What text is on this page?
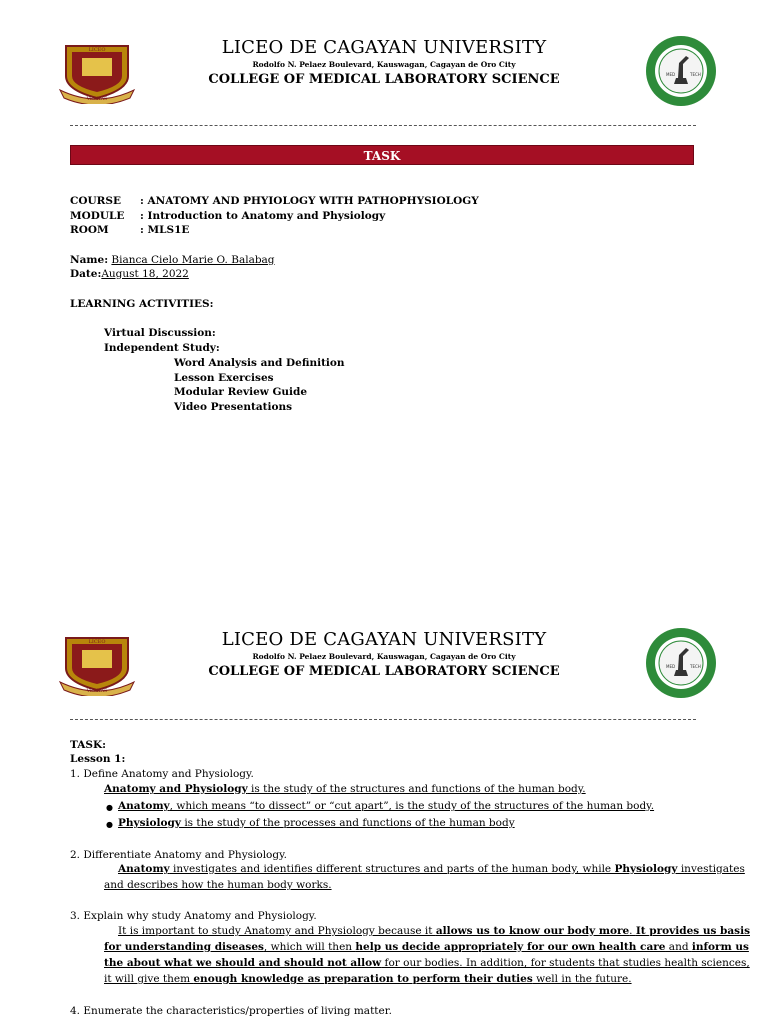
LICEO
VERITAS
LICEO DE CAGAYAN UNIVERSITY
Rodolfo N. Pelaez Boulevard, Kauswagan, Cagayan de Oro City
COLLEGE OF MEDICAL LABORATORY SCIENCE	MED	TECH
TASK
COURSE : ANATOMY AND PHYIOLOGY WITH PATHOPHYSIOLOGY
MODULE : Introduction to Anatomy and Physiology
ROOM	: MLS1E
Name: Bianca Cielo Marie O. Balabag
Date:August 18, 2022
LEARNING ACTIVITIES:
Virtual Discussion:
Independent Study:
Word Analysis and Definition
Lesson Exercises
Modular Review Guide
Video Presentations
LICEO
VERITAS
LICEO DE CAGAYAN UNIVERSITY
Rodolfo N. Pelaez Boulevard, Kauswagan, Cagayan de Oro City
COLLEGE OF MEDICAL LABORATORY SCIENCE	MED	TECH
TASK:
Lesson 1:
1. Define Anatomy and Physiology.
Anatomy and Physiology is the study of the structures and functions of the human body.
● Anatomy, which means “to dissect” or “cut apart”, is the study of the structures of the human body.
● Physiology is the study of the processes and functions of the human body
2. Differentiate Anatomy and Physiology.
Anatomy investigates and identifies different structures and parts of the human body, while Physiology investigates
and describes how the human body works.
3. Explain why study Anatomy and Physiology.
It is important to study Anatomy and Physiology because it allows us to know our body more. It provides us basis
for understanding diseases, which will then help us decide appropriately for our own health care and inform us
the about what we should and should not allow for our bodies. In addition, for students that studies health sciences,
it will give them enough knowledge as preparation to perform their duties well in the future.
4. Enumerate the characteristics/properties of living matter.
